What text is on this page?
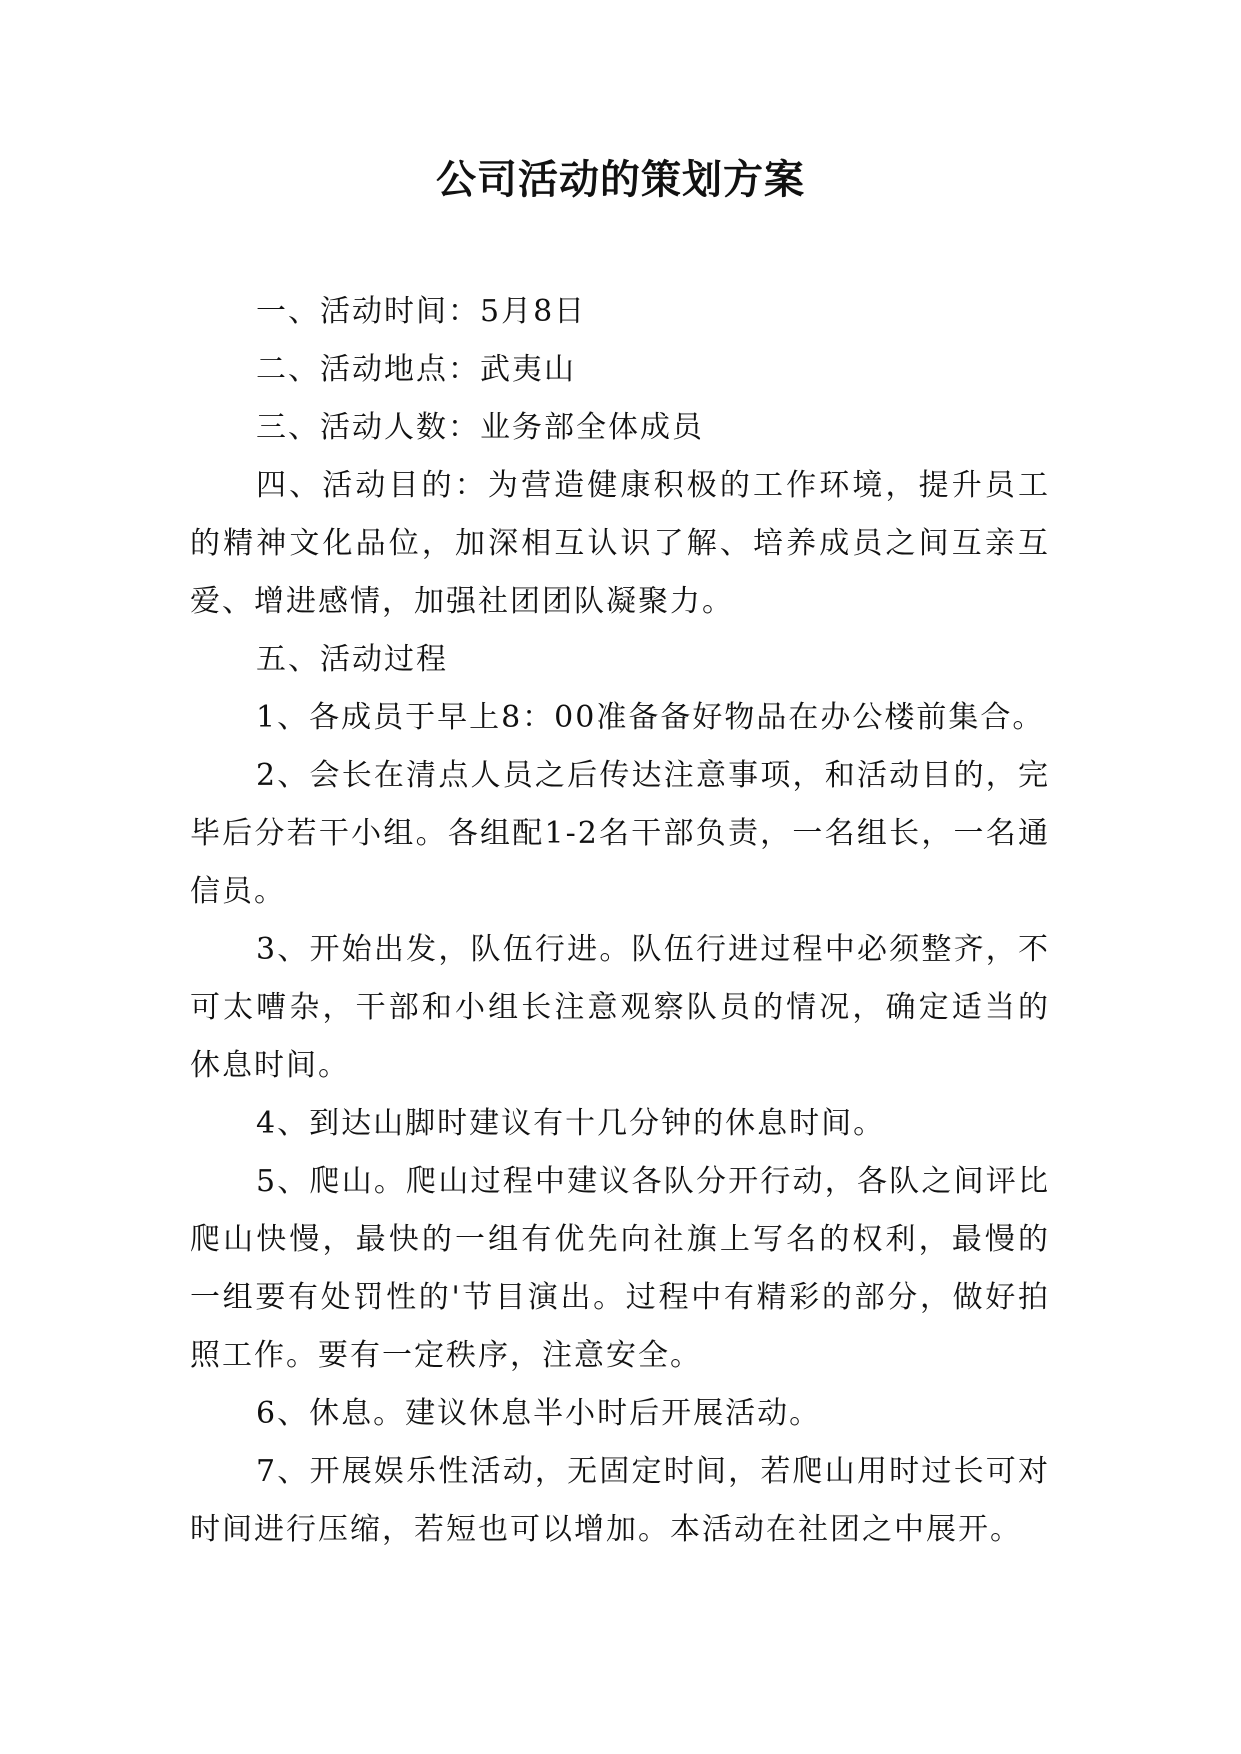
公司活动的策划方案

一、活动时间：5月8日

二、活动地点：武夷山

三、活动人数：业务部全体成员

四、活动目的：为营造健康积极的工作环境，提升员工的精神文化品位，加深相互认识了解、培养成员之间互亲互爱、增进感情，加强社团团队凝聚力。

五、活动过程

1、各成员于早上8：00准备备好物品在办公楼前集合。

2、会长在清点人员之后传达注意事项，和活动目的，完毕后分若干小组。各组配1-2名干部负责，一名组长，一名通信员。

3、开始出发，队伍行进。队伍行进过程中必须整齐，不可太嘈杂，干部和小组长注意观察队员的情况，确定适当的休息时间。

4、到达山脚时建议有十几分钟的休息时间。

5、爬山。爬山过程中建议各队分开行动，各队之间评比爬山快慢，最快的一组有优先向社旗上写名的权利，最慢的一组要有处罚性的'节目演出。过程中有精彩的部分，做好拍照工作。要有一定秩序，注意安全。

6、休息。建议休息半小时后开展活动。

7、开展娱乐性活动，无固定时间，若爬山用时过长可对时间进行压缩，若短也可以增加。本活动在社团之中展开。
